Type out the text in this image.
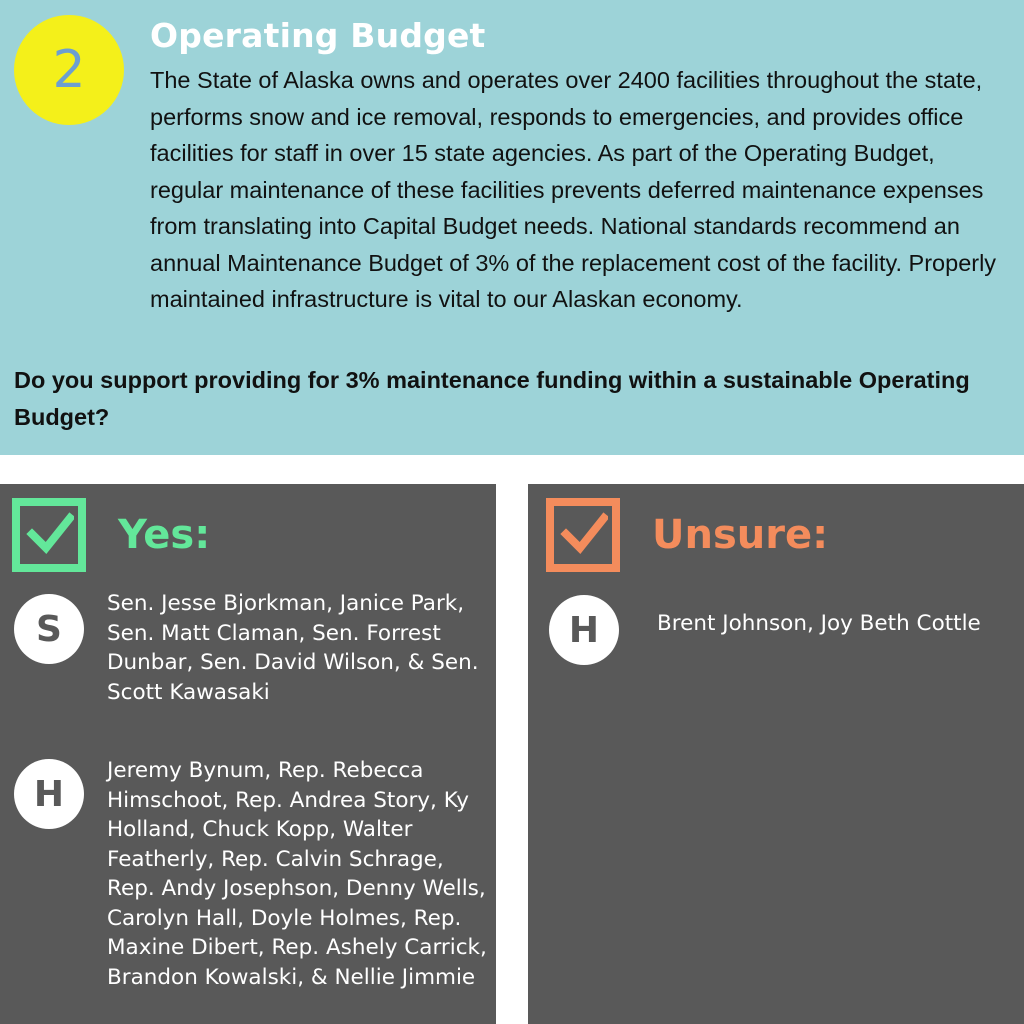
2
Operating Budget
The State of Alaska owns and operates over 2400 facilities throughout the state, performs snow and ice removal, responds to emergencies, and provides office facilities for staff in over 15 state agencies. As part of the Operating Budget, regular maintenance of these facilities prevents deferred maintenance expenses from translating into Capital Budget needs. National standards recommend an annual Maintenance Budget of 3% of the replacement cost of the facility. Properly maintained infrastructure is vital to our Alaskan economy.
Do you support providing for 3% maintenance funding within a sustainable Operating Budget?
Yes:
S
Sen. Jesse Bjorkman, Janice Park, Sen. Matt Claman, Sen. Forrest Dunbar, Sen. David Wilson, & Sen. Scott Kawasaki
H
Jeremy Bynum, Rep. Rebecca Himschoot, Rep. Andrea Story, Ky Holland, Chuck Kopp, Walter Featherly, Rep. Calvin Schrage, Rep. Andy Josephson, Denny Wells, Carolyn Hall, Doyle Holmes, Rep. Maxine Dibert, Rep. Ashely Carrick, Brandon Kowalski, & Nellie Jimmie
Unsure:
H	Brent Johnson, Joy Beth Cottle
